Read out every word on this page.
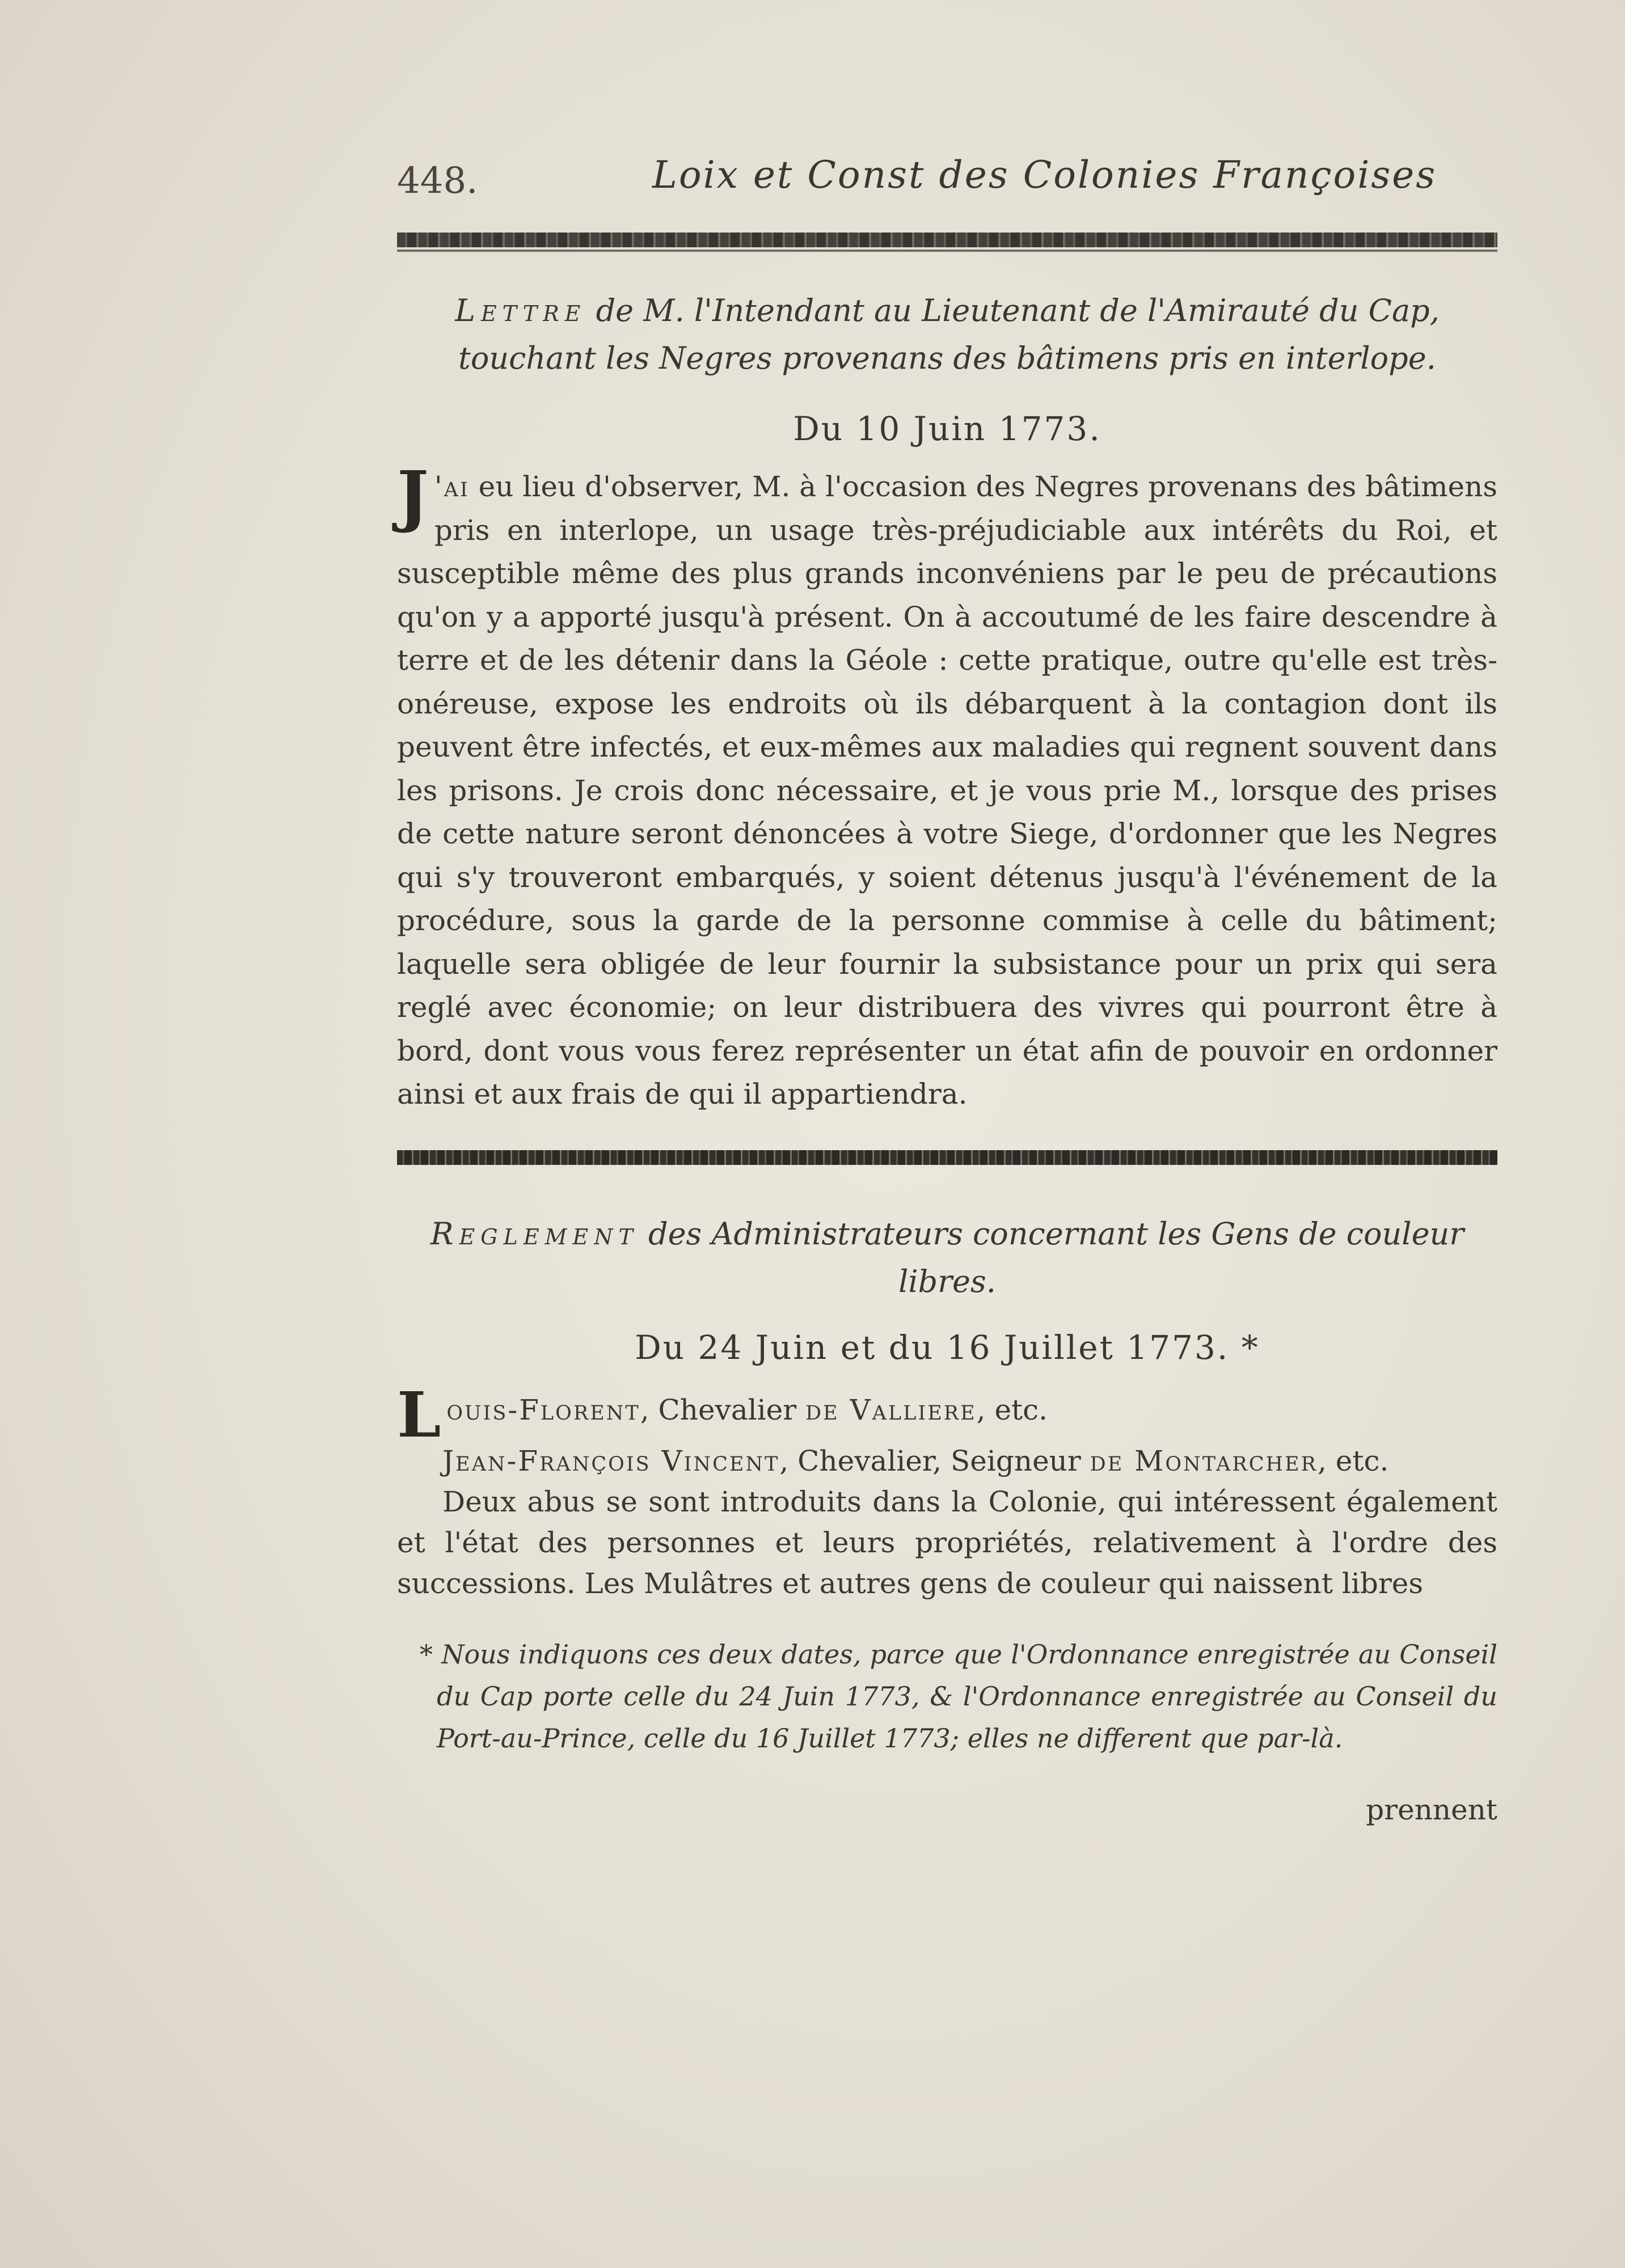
448.	Loix et Const des Colonies Françoises
Lettre de M. l'Intendant au Lieutenant de l'Amirauté du Cap,
touchant les Negres provenans des bâtimens pris en interlope.
Du 10 Juin 1773.
J 'ai eu lieu d'observer, M. à l'occasion des Negres provenans des bâtimens pris en interlope, un usage très-préjudiciable aux intérêts du Roi, et susceptible même des plus grands inconvéniens par le peu de précautions qu'on y a apporté jusqu'à présent. On à accoutumé de les faire descendre à terre et de les détenir dans la Géole : cette pratique, outre qu'elle est très-onéreuse, expose les endroits où ils débarquent à la contagion dont ils peuvent être infectés, et eux-mêmes aux maladies qui regnent souvent dans les prisons. Je crois donc nécessaire, et je vous prie M., lorsque des prises de cette nature seront dénoncées à votre Siege, d'ordonner que les Negres qui s'y trouveront embarqués, y soient détenus jusqu'à l'événement de la procédure, sous la garde de la personne commise à celle du bâtiment; laquelle sera obligée de leur fournir la subsistance pour un prix qui sera reglé avec économie; on leur distribuera des vivres qui pourront être à bord, dont vous vous ferez représenter un état afin de pouvoir en ordonner ainsi et aux frais de qui il appartiendra.
Reglement des Administrateurs concernant les Gens de couleur libres.
Du 24 Juin et du 16 Juillet 1773. *
Louis-Florent, Chevalier de Valliere, etc.
Jean-François Vincent, Chevalier, Seigneur de Montarcher, etc.
Deux abus se sont introduits dans la Colonie, qui intéressent également et l'état des personnes et leurs propriétés, relativement à l'ordre des successions. Les Mulâtres et autres gens de couleur qui naissent libres
* Nous indiquons ces deux dates, parce que l'Ordonnance enregistrée au Conseil du Cap porte celle du 24 Juin 1773, & l'Ordonnance enregistrée au Conseil du Port-au-Prince, celle du 16 Juillet 1773; elles ne different que par-là.
prennent
